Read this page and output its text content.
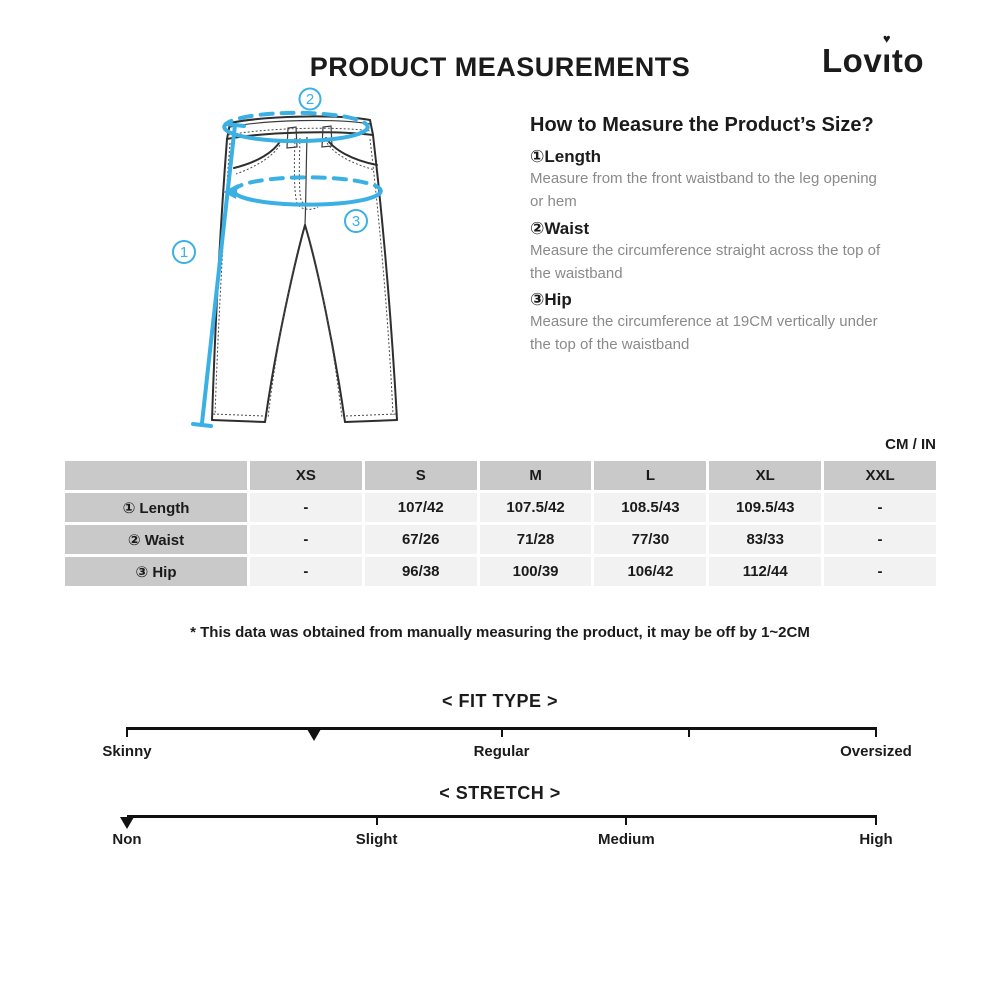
PRODUCT MEASUREMENTS	Lovı
♥
to
2
3
1
How to Measure the Product’s Size?
①Length
Measure from the front waistband to the leg opening or hem
②Waist
Measure the circumference straight across the top of the waistband
③Hip
Measure the circumference at 19CM vertically under the top of the waistband
CM / IN
XS	S	M	L	XL	XXL
① Length	-	107/42	107.5/42	108.5/43	109.5/43	-
② Waist	-	67/26	71/28	77/30	83/33	-
③ Hip	-	96/38	100/39	106/42	112/44	-
* This data was obtained from manually measuring the product, it may be off by 1~2CM
< FIT TYPE >
Skinny	Regular	Oversized
< STRETCH >
Non	Slight	Medium	High
